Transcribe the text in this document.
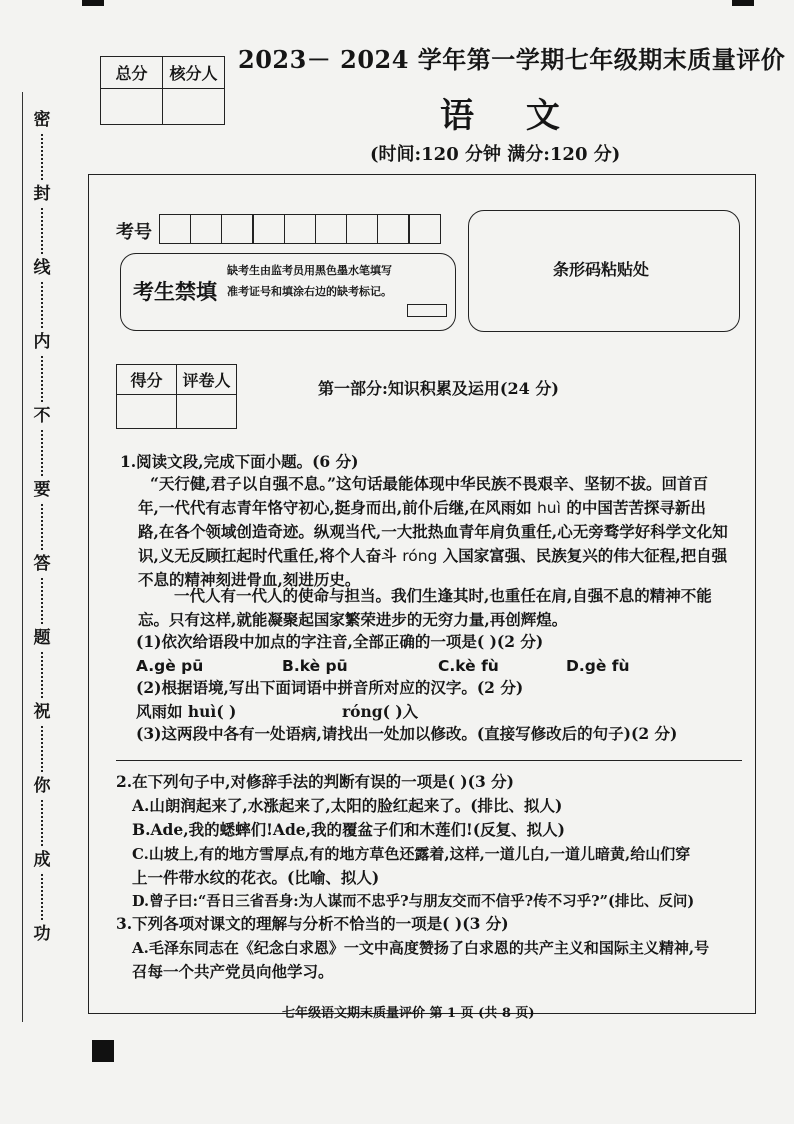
密
封
线
内
不
要
答
题
祝
你
成
功
总分	核分人
	2023－ 2024 学年第一学期七年级期末质量评价
语 文
(时间:120 分钟 满分:120 分)
考号
考生禁填
缺考生由监考员用黑色墨水笔填写准考证号和填涂右边的缺考标记。
条形码粘贴处
得分	评卷人
		第一部分:知识积累及运用(24 分)
1.阅读文段,完成下面小题。(6 分)
“天行健,君子以自强不息。”这句话最能体现中华民族不畏艰辛、坚韧不拔。回首百
年,一代代有志青年恪守初心,挺身而出,前仆后继,在风雨如 huì 的中国苦苦探寻新出
路,在各个领域创造奇迹。纵观当代,一大批热血青年肩负重任,心无旁骛学好科学文化知
识,义无反顾扛起时代重任,将个人奋斗 róng 入国家富强、民族复兴的伟大征程,把自强
不息的精神刻进骨血,刻进历史。
一代人有一代人的使命与担当。我们生逢其时,也重任在肩,自强不息的精神不能
忘。只有这样,就能凝聚起国家繁荣进步的无穷力量,再创辉煌。
(1)依次给语段中加点的字注音,全部正确的一项是( )(2 分)
A.gè pū	B.kè pū	C.kè fù	D.gè fù
(2)根据语境,写出下面词语中拼音所对应的汉字。(2 分)
风雨如 huì( )	róng( )入
(3)这两段中各有一处语病,请找出一处加以修改。(直接写修改后的句子)(2 分)
2.在下列句子中,对修辞手法的判断有误的一项是( )(3 分)
A.山朗润起来了,水涨起来了,太阳的脸红起来了。(排比、拟人)
B.Ade,我的蟋蟀们!Ade,我的覆盆子们和木莲们!(反复、拟人)
C.山坡上,有的地方雪厚点,有的地方草色还露着,这样,一道儿白,一道儿暗黄,给山们穿
上一件带水纹的花衣。(比喻、拟人)
D.曾子曰:“吾日三省吾身:为人谋而不忠乎?与朋友交而不信乎?传不习乎?”(排比、反问)
3.下列各项对课文的理解与分析不恰当的一项是( )(3 分)
A.毛泽东同志在《纪念白求恩》一文中高度赞扬了白求恩的共产主义和国际主义精神,号
召每一个共产党员向他学习。
七年级语文期末质量评价 第 1 页 (共 8 页)
